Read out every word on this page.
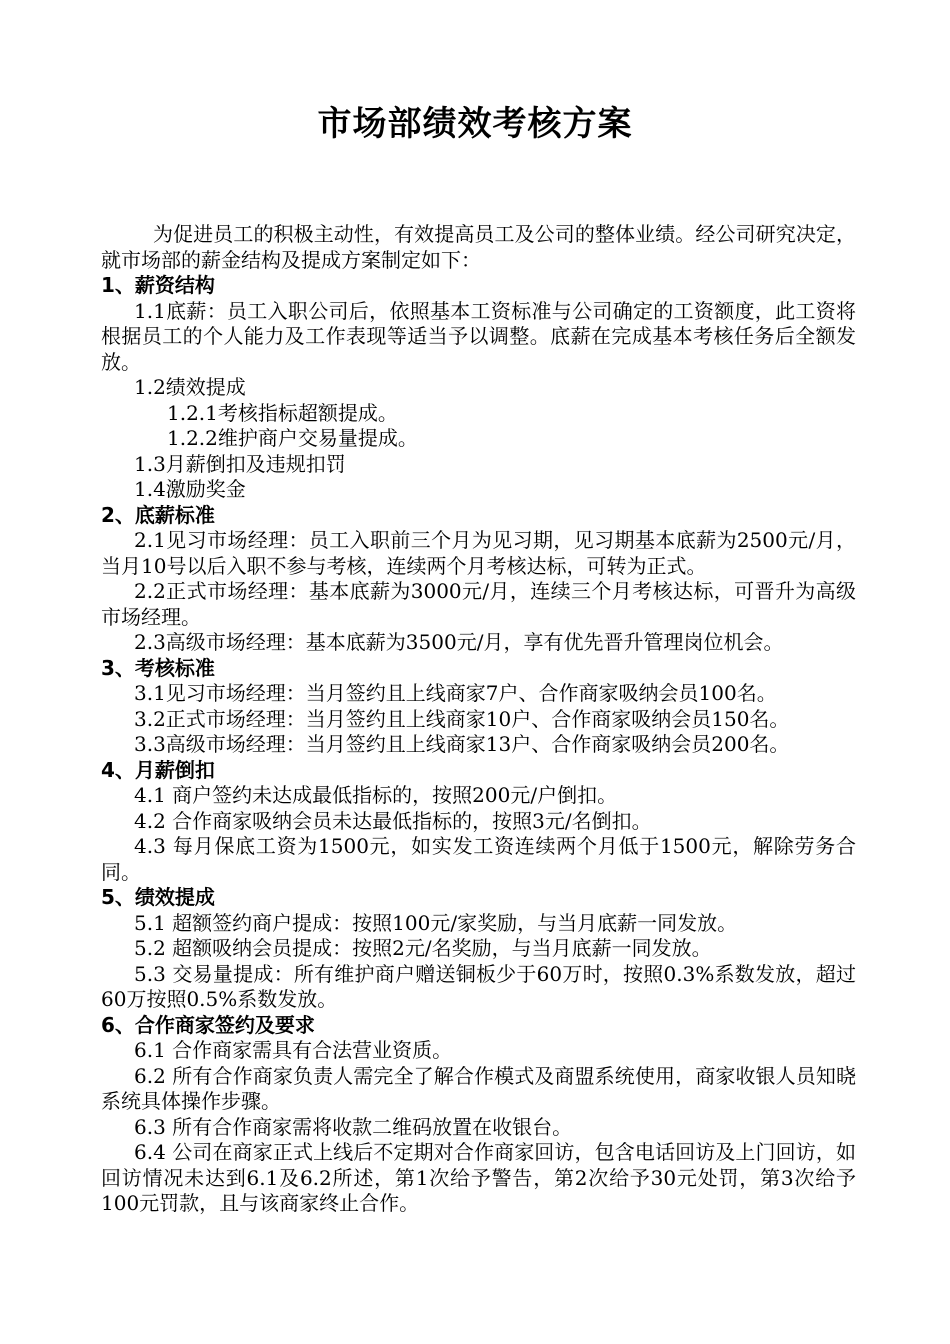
市场部绩效考核方案

为促进员工的积极主动性，有效提高员工及公司的整体业绩。经公司研究决定，就市场部的薪金结构及提成方案制定如下：

1、薪资结构

1.1底薪：员工入职公司后，依照基本工资标准与公司确定的工资额度，此工资将根据员工的个人能力及工作表现等适当予以调整。底薪在完成基本考核任务后全额发放。

1.2绩效提成

1.2.1考核指标超额提成。

1.2.2维护商户交易量提成。

1.3月薪倒扣及违规扣罚

1.4激励奖金

2、底薪标准

2.1见习市场经理：员工入职前三个月为见习期，见习期基本底薪为2500元/月，当月10号以后入职不参与考核，连续两个月考核达标，可转为正式。

2.2正式市场经理：基本底薪为3000元/月，连续三个月考核达标，可晋升为高级市场经理。

2.3高级市场经理：基本底薪为3500元/月，享有优先晋升管理岗位机会。

3、考核标准

3.1见习市场经理：当月签约且上线商家7户、合作商家吸纳会员100名。

3.2正式市场经理：当月签约且上线商家10户、合作商家吸纳会员150名。

3.3高级市场经理：当月签约且上线商家13户、合作商家吸纳会员200名。

4、月薪倒扣

4.1 商户签约未达成最低指标的，按照200元/户倒扣。

4.2 合作商家吸纳会员未达最低指标的，按照3元/名倒扣。

4.3 每月保底工资为1500元，如实发工资连续两个月低于1500元，解除劳务合同。

5、绩效提成

5.1 超额签约商户提成：按照100元/家奖励，与当月底薪一同发放。

5.2 超额吸纳会员提成：按照2元/名奖励，与当月底薪一同发放。

5.3 交易量提成：所有维护商户赠送铜板少于60万时，按照0.3%系数发放，超过60万按照0.5%系数发放。

6、合作商家签约及要求

6.1 合作商家需具有合法营业资质。

6.2 所有合作商家负责人需完全了解合作模式及商盟系统使用，商家收银人员知晓系统具体操作步骤。

6.3 所有合作商家需将收款二维码放置在收银台。

6.4 公司在商家正式上线后不定期对合作商家回访，包含电话回访及上门回访，如回访情况未达到6.1及6.2所述，第1次给予警告，第2次给予30元处罚，第3次给予100元罚款，且与该商家终止合作。
